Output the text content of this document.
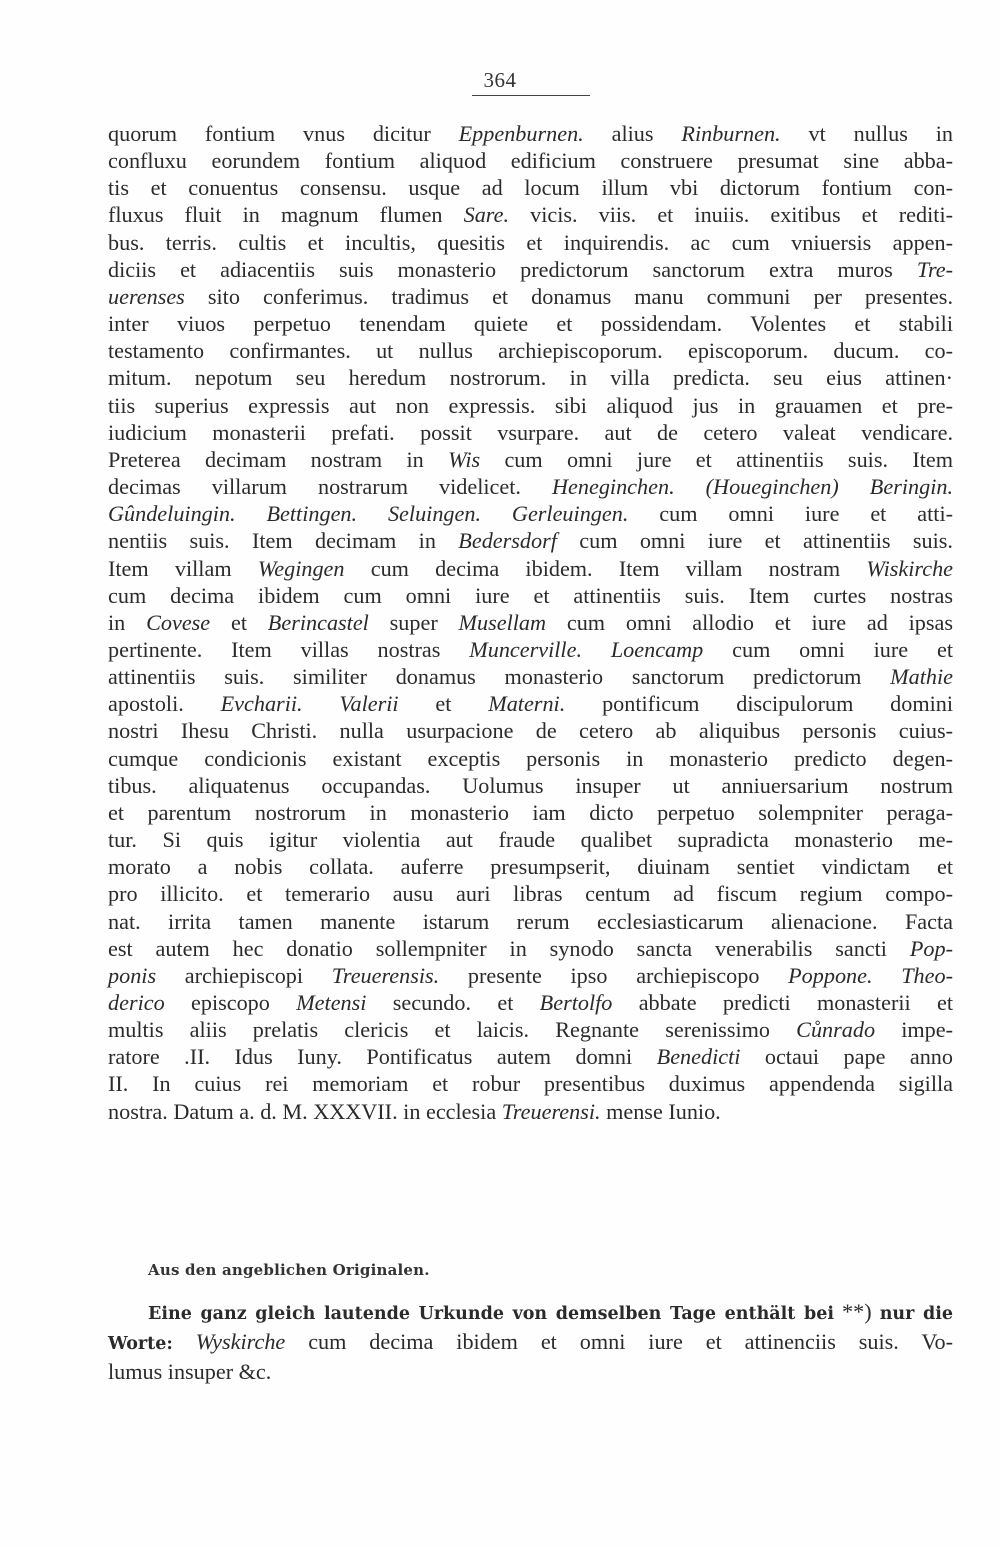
364
quorum fontium vnus dicitur Eppenburnen. alius Rinburnen. vt nullus in
confluxu eorundem fontium aliquod edificium construere presumat sine abba-
tis et conuentus consensu. usque ad locum illum vbi dictorum fontium con-
fluxus fluit in magnum flumen Sare. vicis. viis. et inuiis. exitibus et rediti-
bus. terris. cultis et incultis, quesitis et inquirendis. ac cum vniuersis appen-
diciis et adiacentiis suis monasterio predictorum sanctorum extra muros Tre-
uerenses sito conferimus. tradimus et donamus manu communi per presentes.
inter viuos perpetuo tenendam quiete et possidendam. Volentes et stabili
testamento confirmantes. ut nullus archiepiscoporum. episcoporum. ducum. co-
mitum. nepotum seu heredum nostrorum. in villa predicta. seu eius attinen·
tiis superius expressis aut non expressis. sibi aliquod jus in grauamen et pre-
iudicium monasterii prefati. possit vsurpare. aut de cetero valeat vendicare.
Preterea decimam nostram in Wis cum omni jure et attinentiis suis. Item
decimas villarum nostrarum videlicet. Heneginchen. (Houeginchen) Beringin.
Gûndeluingin. Bettingen. Seluingen. Gerleuingen. cum omni iure et atti-
nentiis suis. Item decimam in Bedersdorf cum omni iure et attinentiis suis.
Item villam Wegingen cum decima ibidem. Item villam nostram Wiskirche
cum decima ibidem cum omni iure et attinentiis suis. Item curtes nostras
in Covese et Berincastel super Musellam cum omni allodio et iure ad ipsas
pertinente. Item villas nostras Muncerville. Loencamp cum omni iure et
attinentiis suis. similiter donamus monasterio sanctorum predictorum Mathie
apostoli. Evcharii. Valerii et Materni. pontificum discipulorum domini
nostri Ihesu Christi. nulla usurpacione de cetero ab aliquibus personis cuius-
cumque condicionis existant exceptis personis in monasterio predicto degen-
tibus. aliquatenus occupandas. Uolumus insuper ut anniuersarium nostrum
et parentum nostrorum in monasterio iam dicto perpetuo solempniter peraga-
tur. Si quis igitur violentia aut fraude qualibet supradicta monasterio me-
morato a nobis collata. auferre presumpserit, diuinam sentiet vindictam et
pro illicito. et temerario ausu auri libras centum ad fiscum regium compo-
nat. irrita tamen manente istarum rerum ecclesiasticarum alienacione. Facta
est autem hec donatio sollempniter in synodo sancta venerabilis sancti Pop-
ponis archiepiscopi Treuerensis. presente ipso archiepiscopo Poppone. Theo-
derico episcopo Metensi secundo. et Bertolfo abbate predicti monasterii et
multis aliis prelatis clericis et laicis. Regnante serenissimo Cůnrado impe-
ratore .II. Idus Iuny. Pontificatus autem domni Benedicti octaui pape anno
II. In cuius rei memoriam et robur presentibus duximus appendenda sigilla
nostra. Datum a. d. M. XXXVII. in ecclesia Treuerensi. mense Iunio.
Aus den angeblichen Originalen.
Eine ganz gleich lautende Urkunde von demselben Tage enthält bei **) nur die
Worte: Wyskirche cum decima ibidem et omni iure et attinenciis suis. Vo-
lumus insuper &c.
